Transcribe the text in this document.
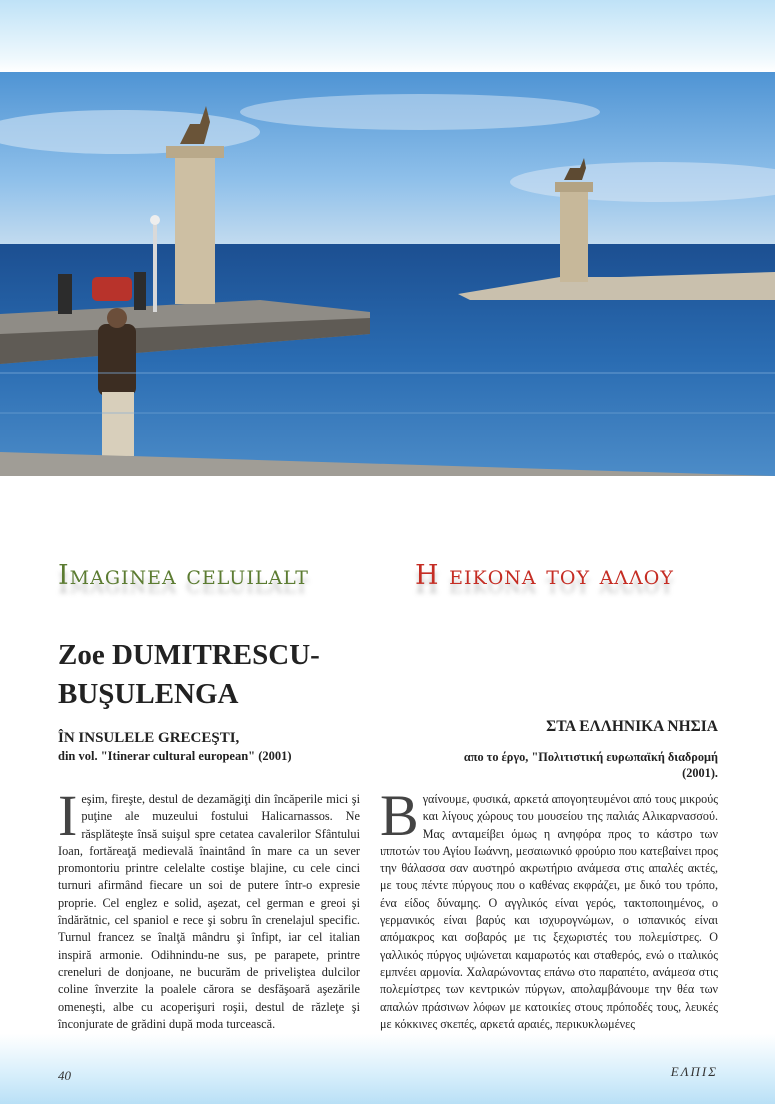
Imaginea celuilalt	Η εικονα του αλλου
Zoe DUMITRESCU-BUŞULENGA
ÎN INSULELE GRECEŞTI,
din vol. "Itinerar cultural european" (2001)

I eşim, fireşte, destul de dezamăgiţi din încăperile mici şi puţine ale muzeului fostului Halicarnassos. Ne răsplăteşte însă suişul spre cetatea cavalerilor Sfântului Ioan, fortăreaţă medievală înaintând în mare ca un sever promontoriu printre celelalte costişe blajine, cu cele cinci turnuri afirmând fiecare un soi de putere într-o expresie proprie. Cel englez e solid, aşezat, cel german e greoi şi îndărătnic, cel spaniol e rece şi sobru în crenelajul specific. Turnul francez se înalţă mândru şi înfipt, iar cel italian inspiră armonie. Odihnindu-ne sus, pe parapete, printre creneluri de donjoane, ne bucurăm de priveliştea dulcilor coline înverzite la poalele cărora se desfăşoară aşezările omeneşti, albe cu acoperişuri roşii, destul de răzleţe şi înconjurate de grădini după moda turcească.

ΣΤΑ ΕΛΛΗΝΙΚΑ ΝΗΣΙΑ
απο το έργο, "Πολιτιστική ευρωπαϊκή διαδρομή (2001).

Β γαίνουμε, φυσικά, αρκετά απογοητευμένοι από τους μικρούς και λίγους χώρους του μουσείου της παλιάς Αλικαρνασσού. Μας ανταμείβει όμως η ανηφόρα προς το κάστρο των ιπποτών του Αγίου Ιωάννη, μεσαιωνικό φρούριο που κατεβαίνει προς την θάλασσα σαν αυστηρό ακρωτήριο ανάμεσα στις απαλές ακτές, με τους πέντε πύργους που ο καθένας εκφράζει, με δικό του τρόπο, ένα είδος δύναμης. Ο αγγλικός είναι γερός, τακτοποιημένος, ο γερμανικός είναι βαρύς και ισχυρογνώμων, ο ισπανικός είναι απόμακρος και σοβαρός με τις ξεχωριστές του πολεμίστρες. Ο γαλλικός πύργος υψώνεται καμαρωτός και σταθερός, ενώ ο ιταλικός εμπνέει αρμονία. Χαλαρώνοντας επάνω στο παραπέτο, ανάμεσα στις πολεμίστρες των κεντρικών πύργων, απολαμβάνουμε την θέα των απαλών πράσινων λόφων με κατοικίες στους πρόποδές τους, λευκές με κόκκινες σκεπές, αρκετά αραιές, περικυκλωμένες

40	ΕΛΠΙΣ
